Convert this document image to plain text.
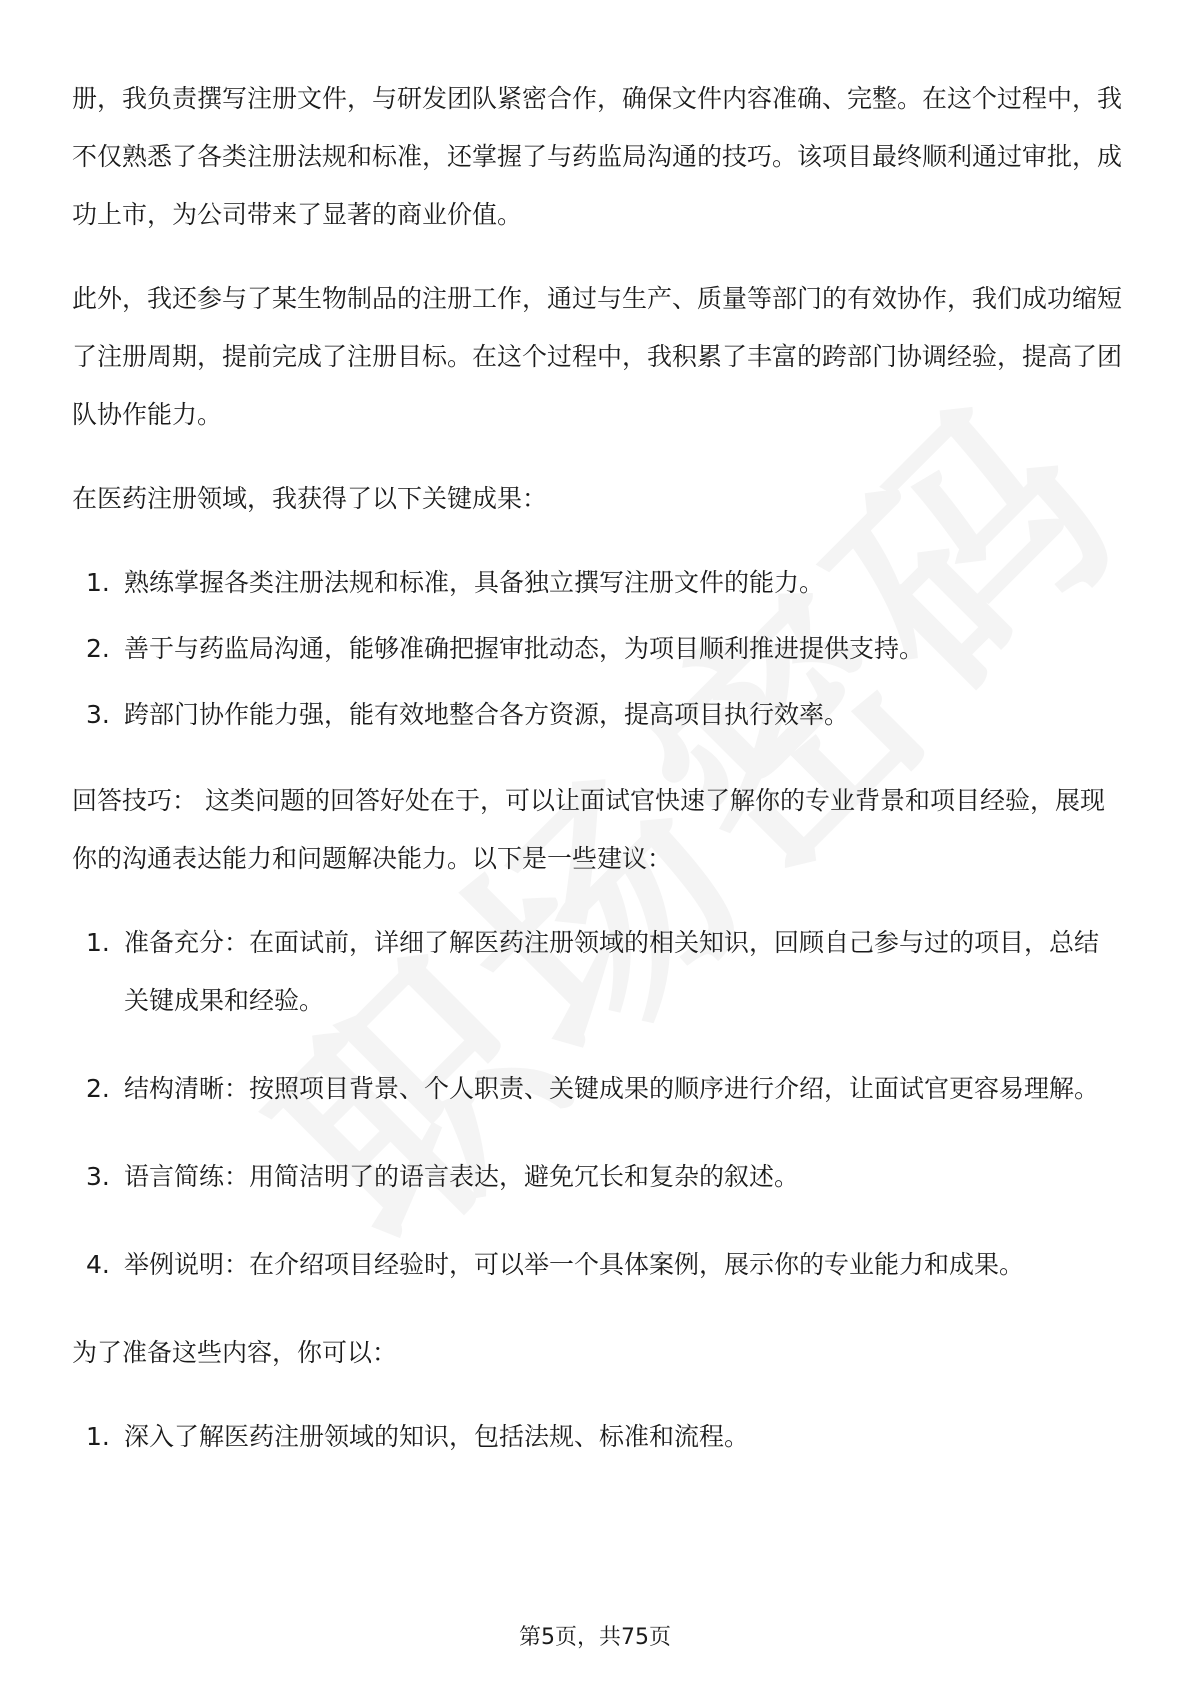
册，我负责撰写注册文件，与研发团队紧密合作，确保文件内容准确、完整。在这个过程中，我不仅熟悉了各类注册法规和标准，还掌握了与药监局沟通的技巧。该项目最终顺利通过审批，成功上市，为公司带来了显著的商业价值。

此外，我还参与了某生物制品的注册工作，通过与生产、质量等部门的有效协作，我们成功缩短了注册周期，提前完成了注册目标。在这个过程中，我积累了丰富的跨部门协调经验，提高了团队协作能力。

在医药注册领域，我获得了以下关键成果：

1. 熟练掌握各类注册法规和标准，具备独立撰写注册文件的能力。
2. 善于与药监局沟通，能够准确把握审批动态，为项目顺利推进提供支持。
3. 跨部门协作能力强，能有效地整合各方资源，提高项目执行效率。

回答技巧： 这类问题的回答好处在于，可以让面试官快速了解你的专业背景和项目经验，展现你的沟通表达能力和问题解决能力。以下是一些建议：

1. 准备充分：在面试前，详细了解医药注册领域的相关知识，回顾自己参与过的项目，总结关键成果和经验。
2. 结构清晰：按照项目背景、个人职责、关键成果的顺序进行介绍，让面试官更容易理解。
3. 语言简练：用简洁明了的语言表达，避免冗长和复杂的叙述。
4. 举例说明：在介绍项目经验时，可以举一个具体案例，展示你的专业能力和成果。

为了准备这些内容，你可以：

1. 深入了解医药注册领域的知识，包括法规、标准和流程。
第5页，共75页
